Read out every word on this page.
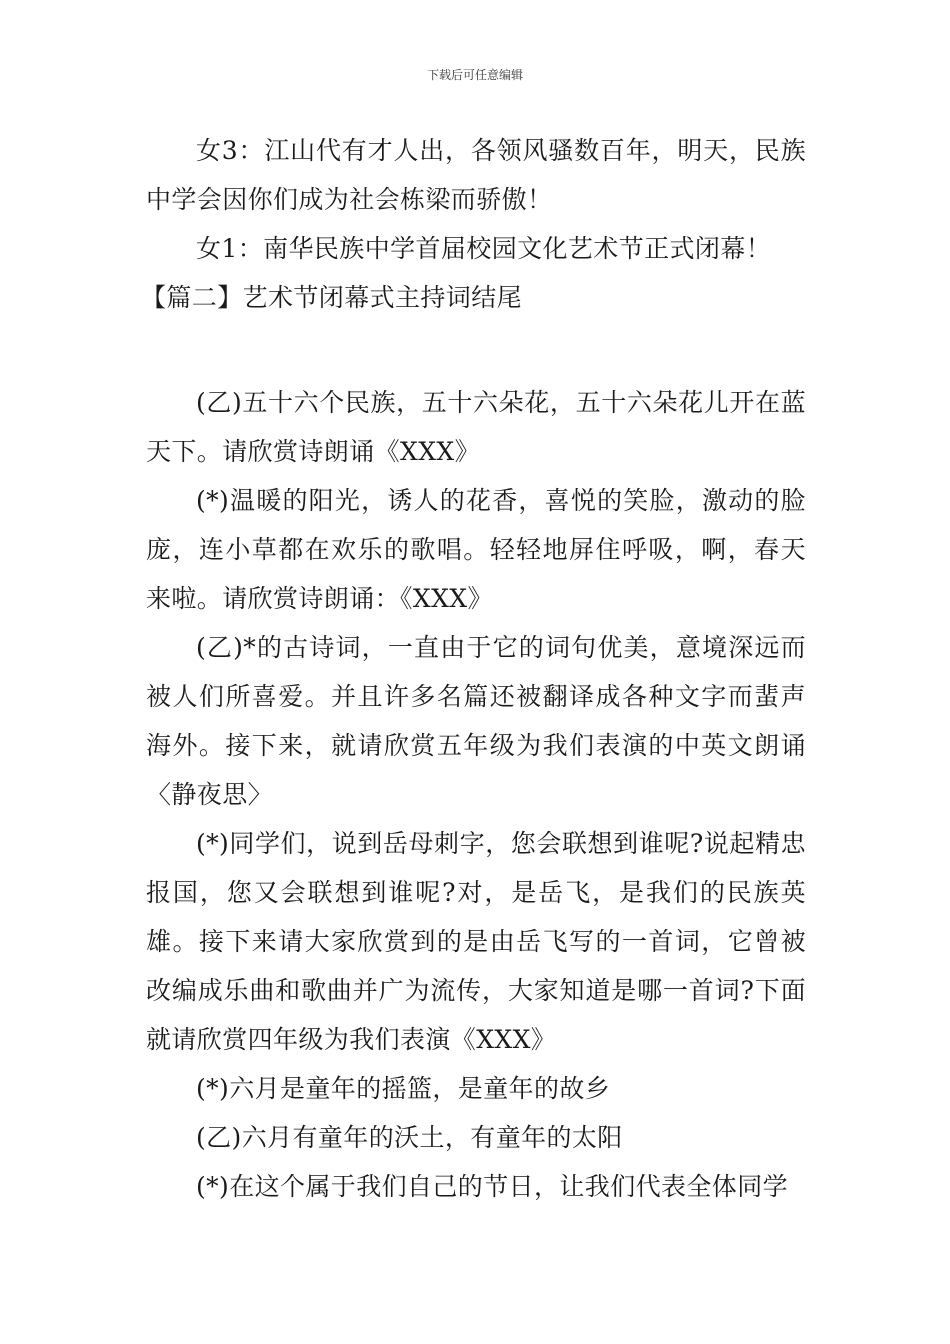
下载后可任意编辑

女3：江山代有才人出，各领风骚数百年，明天，民族中学会因你们成为社会栋梁而骄傲！

女1：南华民族中学首届校园文化艺术节正式闭幕！

【篇二】艺术节闭幕式主持词结尾

(乙)五十六个民族，五十六朵花，五十六朵花儿开在蓝天下。请欣赏诗朗诵《XXX》

(*)温暖的阳光，诱人的花香，喜悦的笑脸，激动的脸庞，连小草都在欢乐的歌唱。轻轻地屏住呼吸，啊，春天来啦。请欣赏诗朗诵：《XXX》

(乙)*的古诗词，一直由于它的词句优美，意境深远而被人们所喜爱。并且许多名篇还被翻译成各种文字而蜚声海外。接下来，就请欣赏五年级为我们表演的中英文朗诵〈静夜思〉

(*)同学们，说到岳母刺字，您会联想到谁呢?说起精忠报国，您又会联想到谁呢?对，是岳飞，是我们的民族英雄。接下来请大家欣赏到的是由岳飞写的一首词，它曾被改编成乐曲和歌曲并广为流传，大家知道是哪一首词?下面就请欣赏四年级为我们表演《XXX》

(*)六月是童年的摇篮，是童年的故乡

(乙)六月有童年的沃土，有童年的太阳

(*)在这个属于我们自己的节日，让我们代表全体同学
